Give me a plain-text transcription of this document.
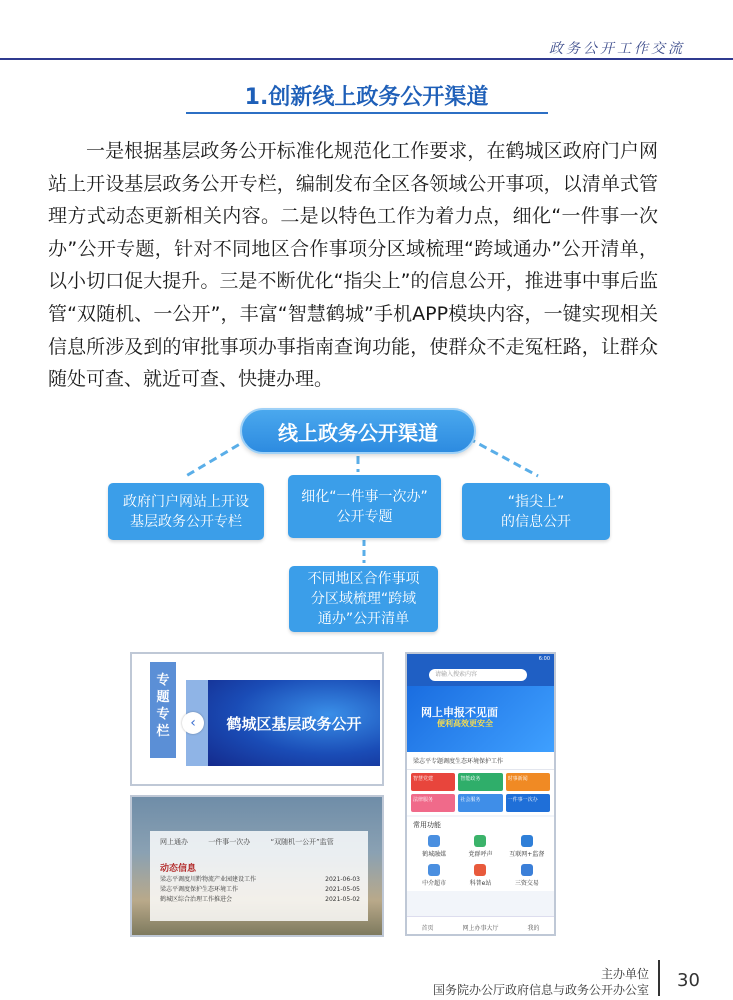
政务公开工作交流
1.创新线上政务公开渠道
一是根据基层政务公开标准化规范化工作要求，在鹤城区政府门户网站上开设基层政务公开专栏，编制发布全区各领域公开事项，以清单式管理方式动态更新相关内容。二是以特色工作为着力点，细化“一件事一次办”公开专题，针对不同地区合作事项分区域梳理“跨域通办”公开清单，以小切口促大提升。三是不断优化“指尖上”的信息公开，推进事中事后监管“双随机、一公开”，丰富“智慧鹤城”手机APP模块内容，一键实现相关信息所涉及到的审批事项办事指南查询功能，使群众不走冤枉路，让群众随处可查、就近可查、快捷办理。
线上政务公开渠道
政府门户网站上开设
基层政务公开专栏
细化“一件事一次办”
公开专题
“指尖上”
的信息公开
不同地区合作事项
分区域梳理“跨域
通办”公开清单
专
题
专
栏
‹	鹤城区基层政务公开
网上通办	一件事一次办	“双随机一公开”监管
动态信息
梁志平调度川黔物流产业园建设工作	2021-06-03
梁志平调度保护生态环境工作	2021-05-05
鹤城区综合治理工作推进会	2021-05-02
6:00
请输入搜索内容
网上申报不见面
便利高效更安全
梁志平专题调度生态环境保护工作
智慧党建	智能政务	时事新闻
法律服务	社会服务	一件事一次办
常用功能
鹤城融媒	党群呼声	互联网+监督
中介超市	科普e站	三资交易
首页	网上办事大厅	我的
主办单位
国务院办公厅政府信息与政务公开办公室 30
